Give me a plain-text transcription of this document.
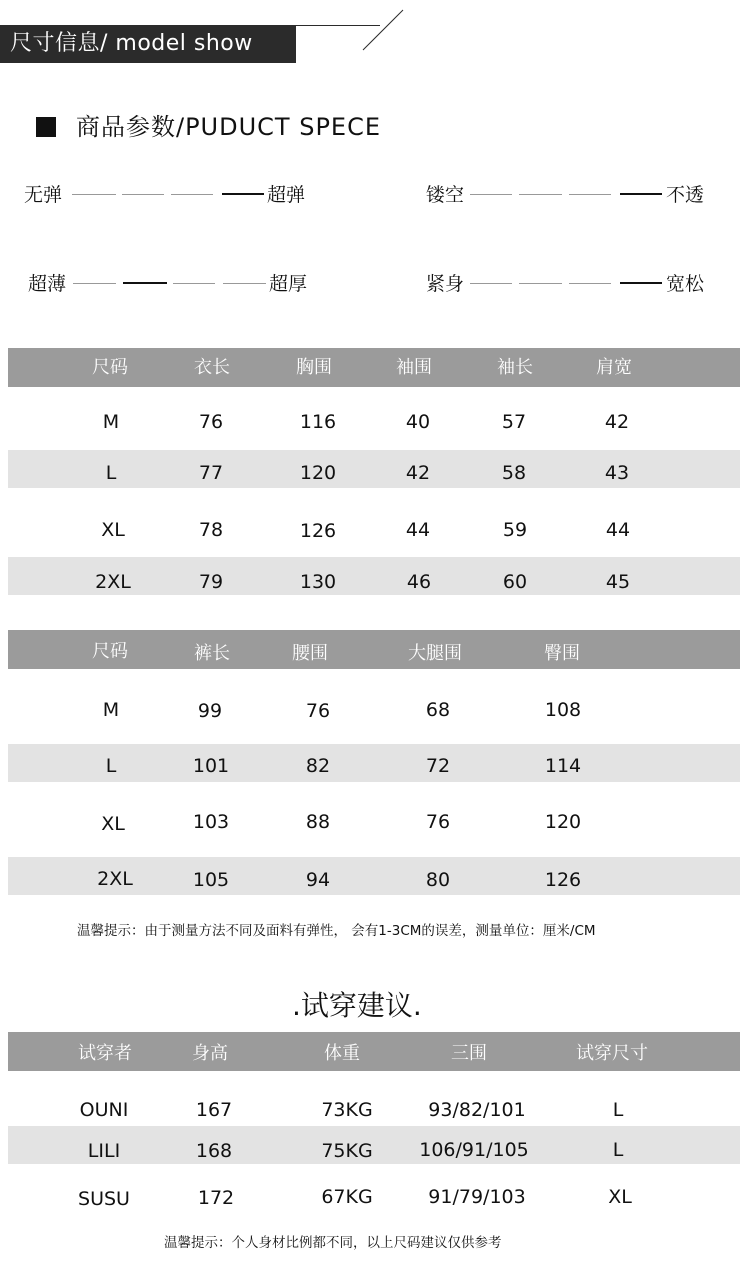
尺寸信息/ model show
商品参数/PUDUCT SPECE
无弹	超弹	镂空	不透
超薄	超厚	紧身	宽松
尺码	衣长	胸围	袖围	袖长	肩宽
M	76	116	40	57	42
L	77	120	42	58	43
XL	78	126	44	59	44
2XL	79	130	46	60	45
尺码	裤长	腰围	大腿围	臀围
M	99	76	68	108
L	101	82	72	114
XL	103	88	76	120
2XL	105	94	80	126
温馨提示：由于测量方法不同及面料有弹性， 会有1-3CM的误差，测量单位：厘米/CM
.试穿建议.
试穿者	身高	体重	三围	试穿尺寸
OUNI	167	73KG	93/82/101	L
LILI	168	75KG	106/91/105	L
SUSU	172	67KG	91/79/103	XL
温馨提示：个人身材比例都不同，以上尺码建议仅供参考
